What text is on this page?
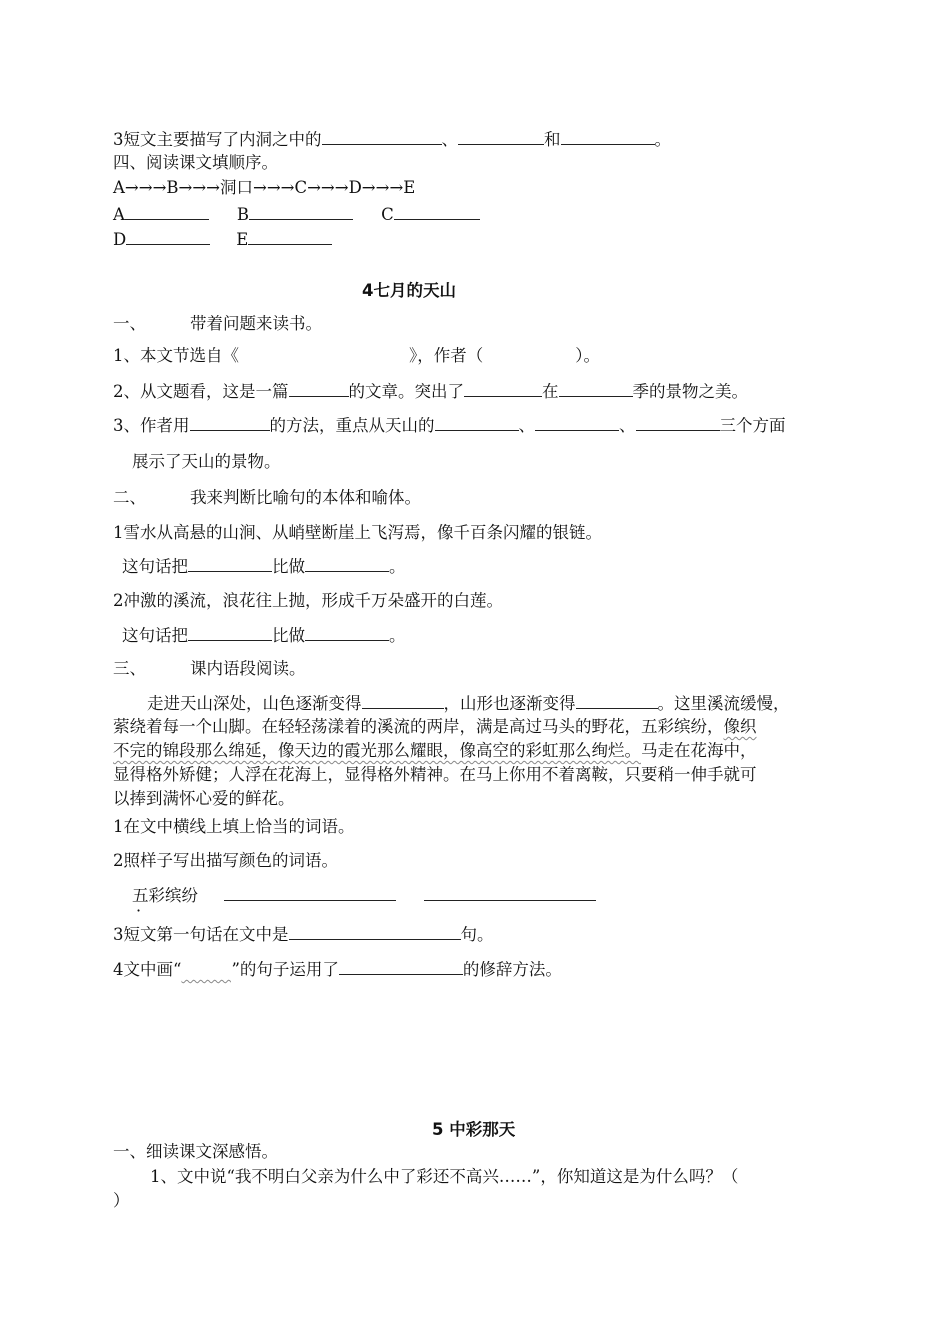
3短文主要描写了内洞之中的	、	和	。
四、阅读课文填顺序。
A→→→B→→→洞口→→→C→→→D→→→E
A	B	C
D	E
4七月的天山
一、	带着问题来读书。
1、本文节选自《	》，作者（	）。
2、从文题看，这是一篇	的文章。突出了	在	季的景物之美。
3、作者用	的方法，重点从天山的	、	、	三个方面
展示了天山的景物。
二、	我来判断比喻句的本体和喻体。
1雪水从高悬的山涧、从峭壁断崖上飞泻焉，像千百条闪耀的银链。
这句话把	比做	。
2冲激的溪流，浪花往上抛，形成千万朵盛开的白莲。
这句话把	比做	。
三、	课内语段阅读。
走进天山深处，山色逐渐变得	，山形也逐渐变得	。这里溪流缓慢，
萦绕着每一个山脚。在轻轻荡漾着的溪流的两岸，满是高过马头的野花，五彩缤纷，像织
不完的锦段那么绵延，像天边的霞光那么耀眼，像高空的彩虹那么绚烂。马走在花海中，
显得格外矫健；人浮在花海上，显得格外精神。在马上你用不着离鞍，只要稍一伸手就可
以捧到满怀心爱的鲜花。
1在文中横线上填上恰当的词语。
2照样子写出描写颜色的词语。
五彩缤纷
3短文第一句话在文中是	句。
4文中画“　　　	”的句子运用了	的修辞方法。
5 中彩那天
一、细读课文深感悟。
1、文中说“我不明白父亲为什么中了彩还不高兴……”，你知道这是为什么吗？（
）
